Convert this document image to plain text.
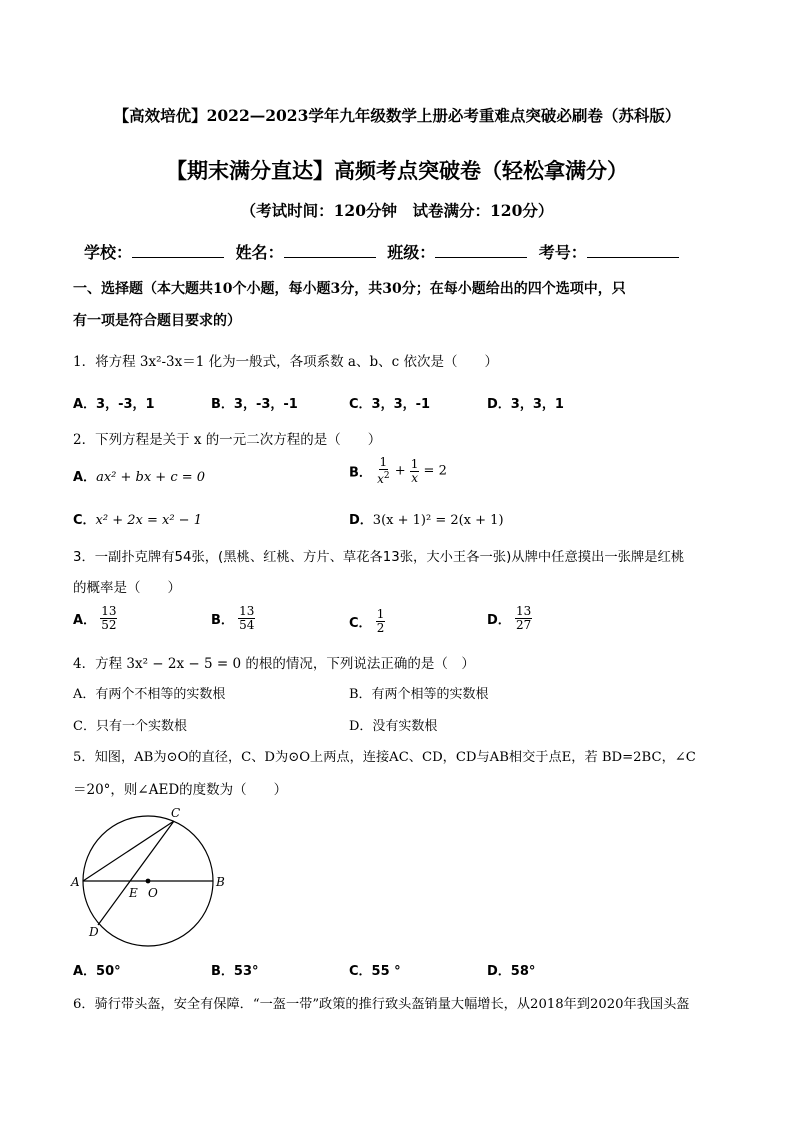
【高效培优】2022—2023学年九年级数学上册必考重难点突破必刷卷（苏科版）
【期末满分直达】高频考点突破卷（轻松拿满分）
（考试时间：120分钟　试卷满分：120分）
学校：	姓名：	班级：	考号：
一、选择题（本大题共10个小题，每小题3分，共30分；在每小题给出的四个选项中，只
有一项是符合题目要求的）
1．将方程 3x²-3x＝1 化为一般式，各项系数 a、b、c 依次是（　　）
A．3，-3，1	B．3，-3，-1	C．3，3，-1	D．3，3，1
2．下列方程是关于 x 的一元二次方程的是（　　）
A．ax² + bx + c = 0	B． $\frac{1}{x^2} + \frac{1}{x} = 2$
C．x² + 2x = x² − 1	D．3(x + 1)² = 2(x + 1)
3．一副扑克牌有54张，(黑桃、红桃、方片、草花各13张，大小王各一张)从牌中任意摸出一张牌是红桃
的概率是（　　）
A． $\frac{13}{52}$	B． $\frac{13}{54}$	C． $\frac{1}{2}$	D． $\frac{13}{27}$
4．方程 3x² − 2x − 5 = 0 的根的情况，下列说法正确的是（　）
A．有两个不相等的实数根	B．有两个相等的实数根
C．只有一个实数根	D．没有实数根
5．知图，AB为⊙O的直径，C、D为⊙O上两点，连接AC、CD，CD与AB相交于点E，若 BD=2BC，∠C
＝20°，则∠AED的度数为（　　）
A	B
C
D
E O
A．50°	B．53°	C．55 °	D．58°
6．骑行带头盔，安全有保障．“一盔一带”政策的推行致头盔销量大幅增长，从2018年到2020年我国头盔
